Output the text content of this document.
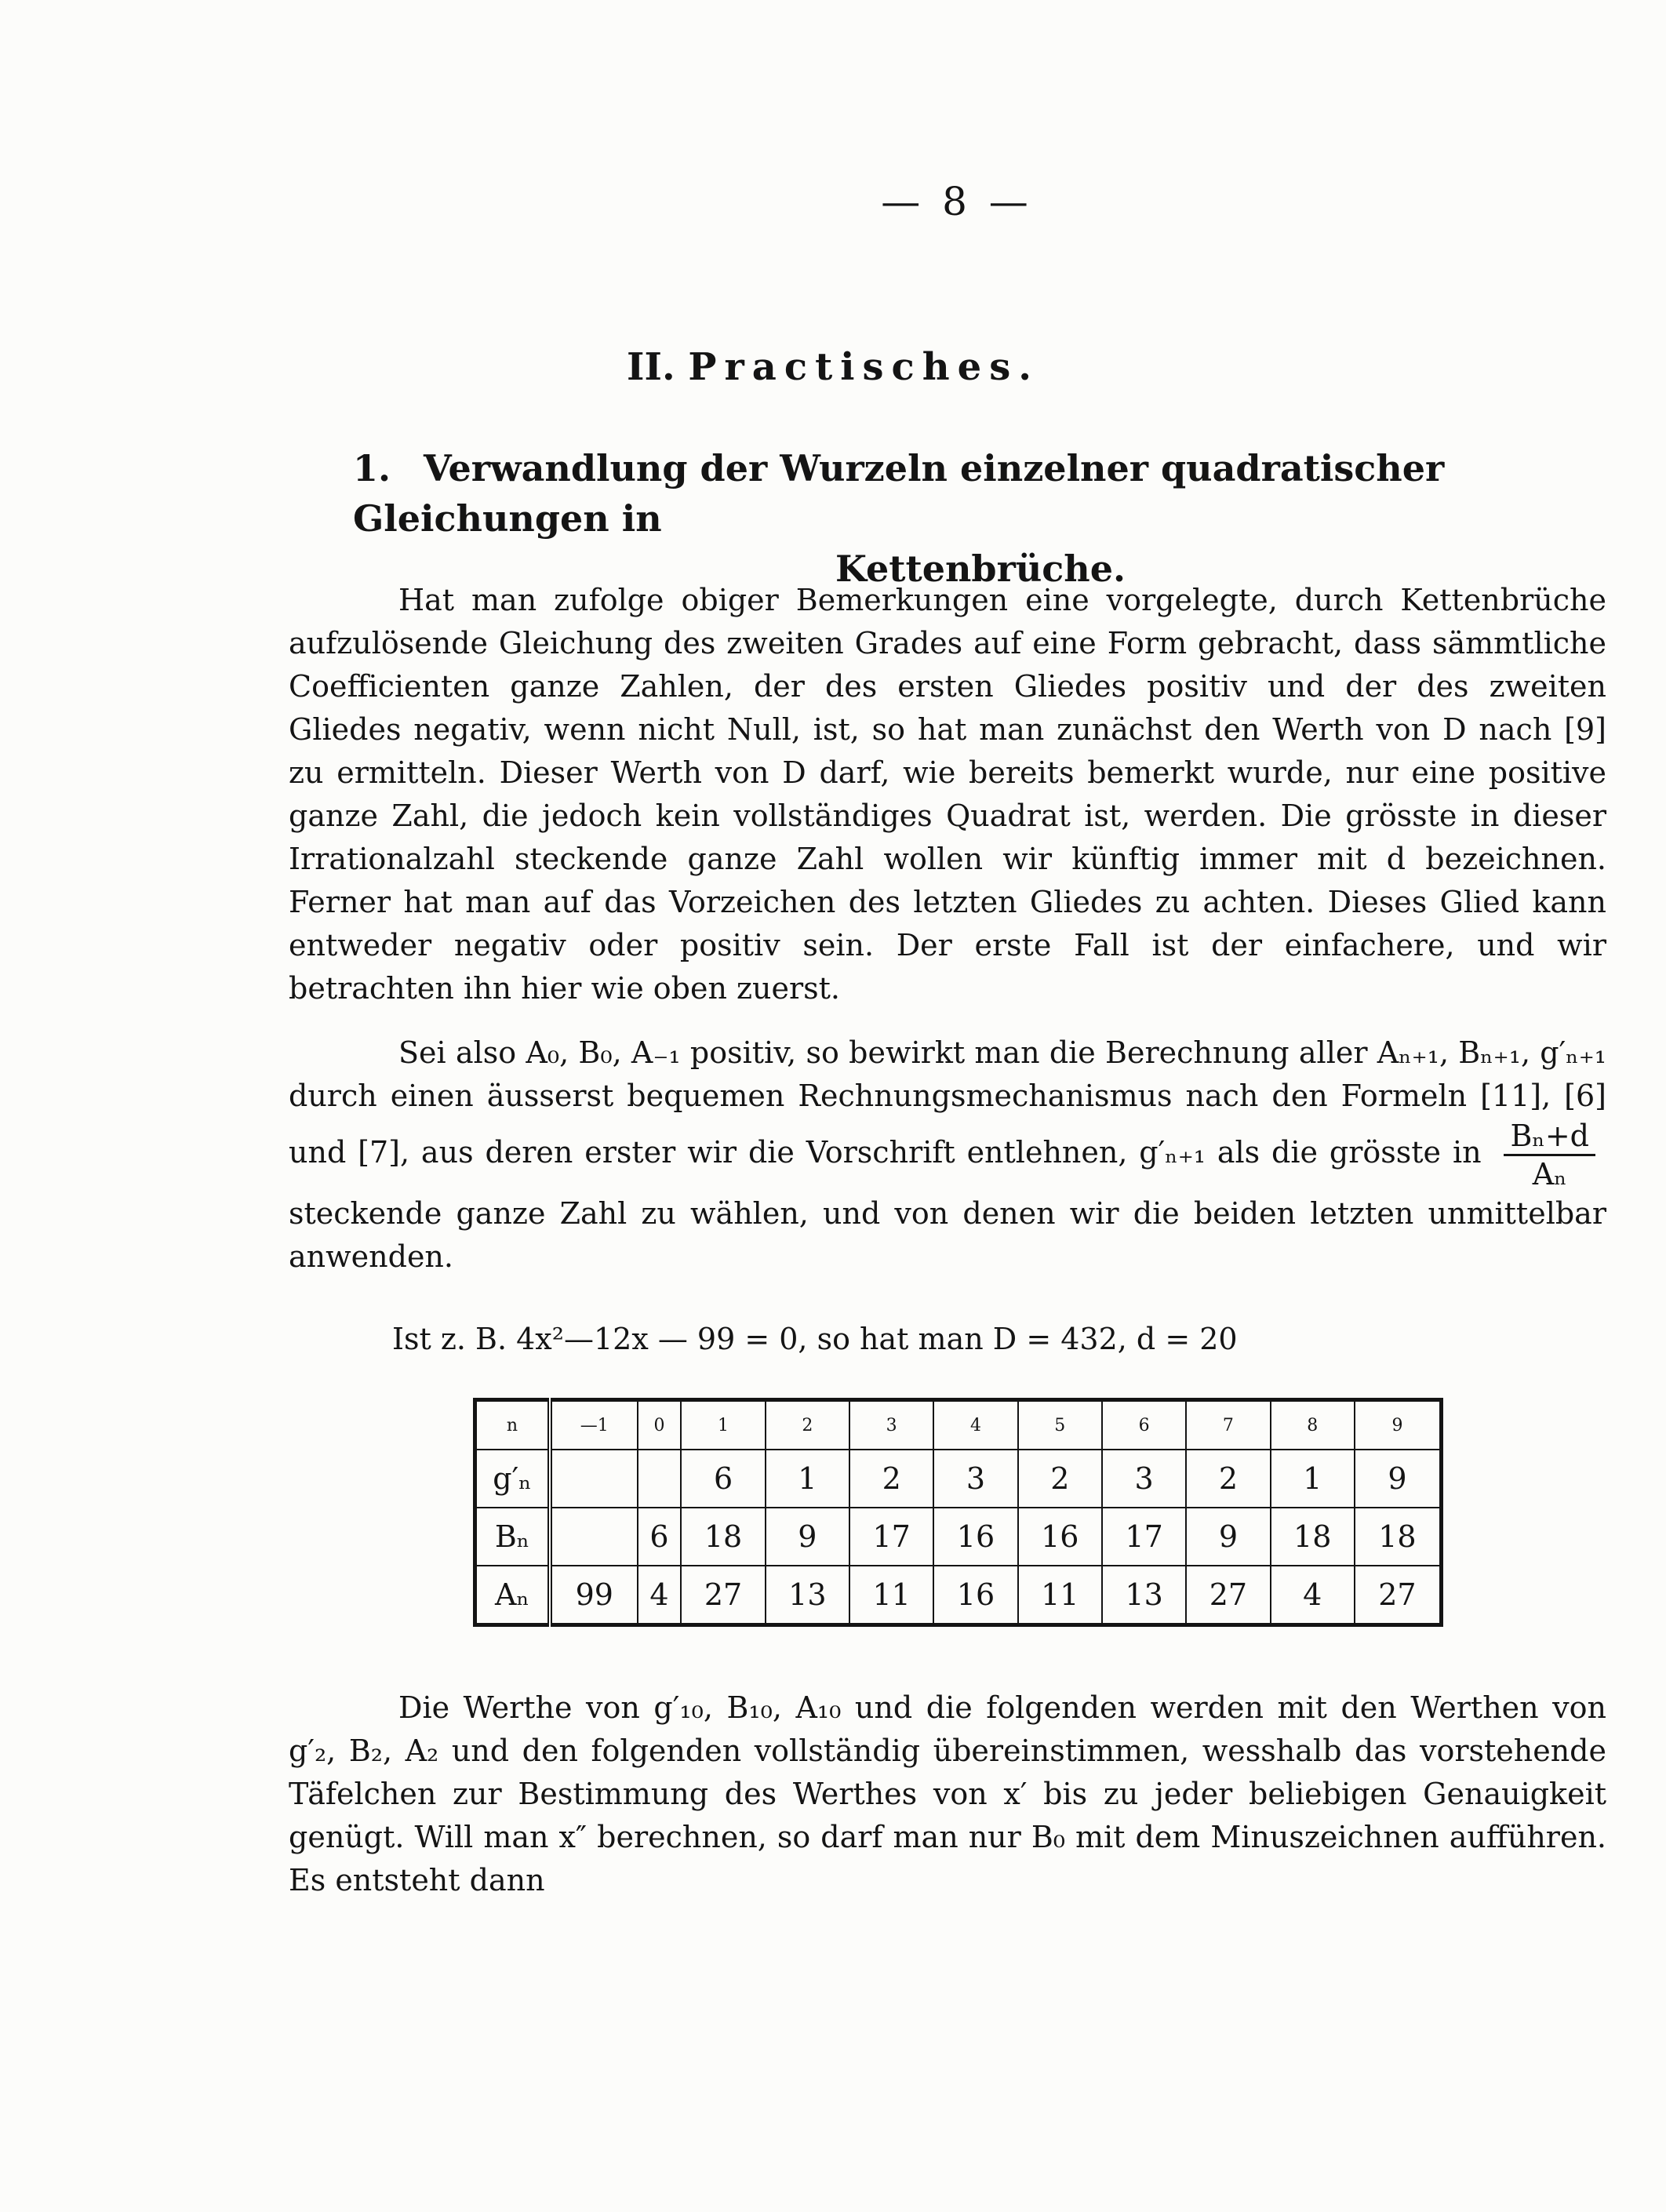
— 8 —
II. Practisches.
1. Verwandlung der Wurzeln einzelner quadratischer Gleichungen in
Kettenbrüche.
Hat man zufolge obiger Bemerkungen eine vorgelegte, durch Kettenbrüche aufzulösende Gleichung des zweiten Grades auf eine Form gebracht, dass sämmtliche Coefficienten ganze Zahlen, der des ersten Gliedes positiv und der des zweiten Gliedes negativ, wenn nicht Null, ist, so hat man zunächst den Werth von D nach [9] zu ermitteln. Dieser Werth von D darf, wie bereits bemerkt wurde, nur eine positive ganze Zahl, die jedoch kein vollständiges Quadrat ist, werden. Die grösste in dieser Irrationalzahl steckende ganze Zahl wollen wir künftig immer mit d bezeichnen. Ferner hat man auf das Vorzeichen des letzten Gliedes zu achten. Dieses Glied kann entweder negativ oder positiv sein. Der erste Fall ist der einfachere, und wir betrachten ihn hier wie oben zuerst.
Sei also A₀, B₀, A₋₁ positiv, so bewirkt man die Berechnung aller Aₙ₊₁, Bₙ₊₁, g′ₙ₊₁ durch einen äusserst bequemen Rechnungsmechanismus nach den Formeln [11], [6] und [7], aus deren erster wir die Vorschrift entlehnen, g′ₙ₊₁ als die grösste in $\frac{\text{Bₙ+d}}{\text{Aₙ}}$
steckende ganze Zahl zu wählen, und von denen wir die beiden letzten unmittelbar anwenden.
Ist z. B. 4x²—12x — 99 = 0, so hat man D = 432, d = 20
n	—1	0	1	2	3	4	5	6	7	8	9
g′ₙ			6	1	2	3	2	3	2	1	9
Bₙ		6	18	9	17	16	16	17	9	18	18
Aₙ	99	4	27	13	11	16	11	13	27	4	27
Die Werthe von g′₁₀, B₁₀, A₁₀ und die folgenden werden mit den Werthen von g′₂, B₂, A₂ und den folgenden vollständig übereinstimmen, wesshalb das vorstehende Täfelchen zur Bestimmung des Werthes von x′ bis zu jeder beliebigen Genauigkeit genügt. Will man x″ berechnen, so darf man nur B₀ mit dem Minuszeichnen aufführen. Es entsteht dann
